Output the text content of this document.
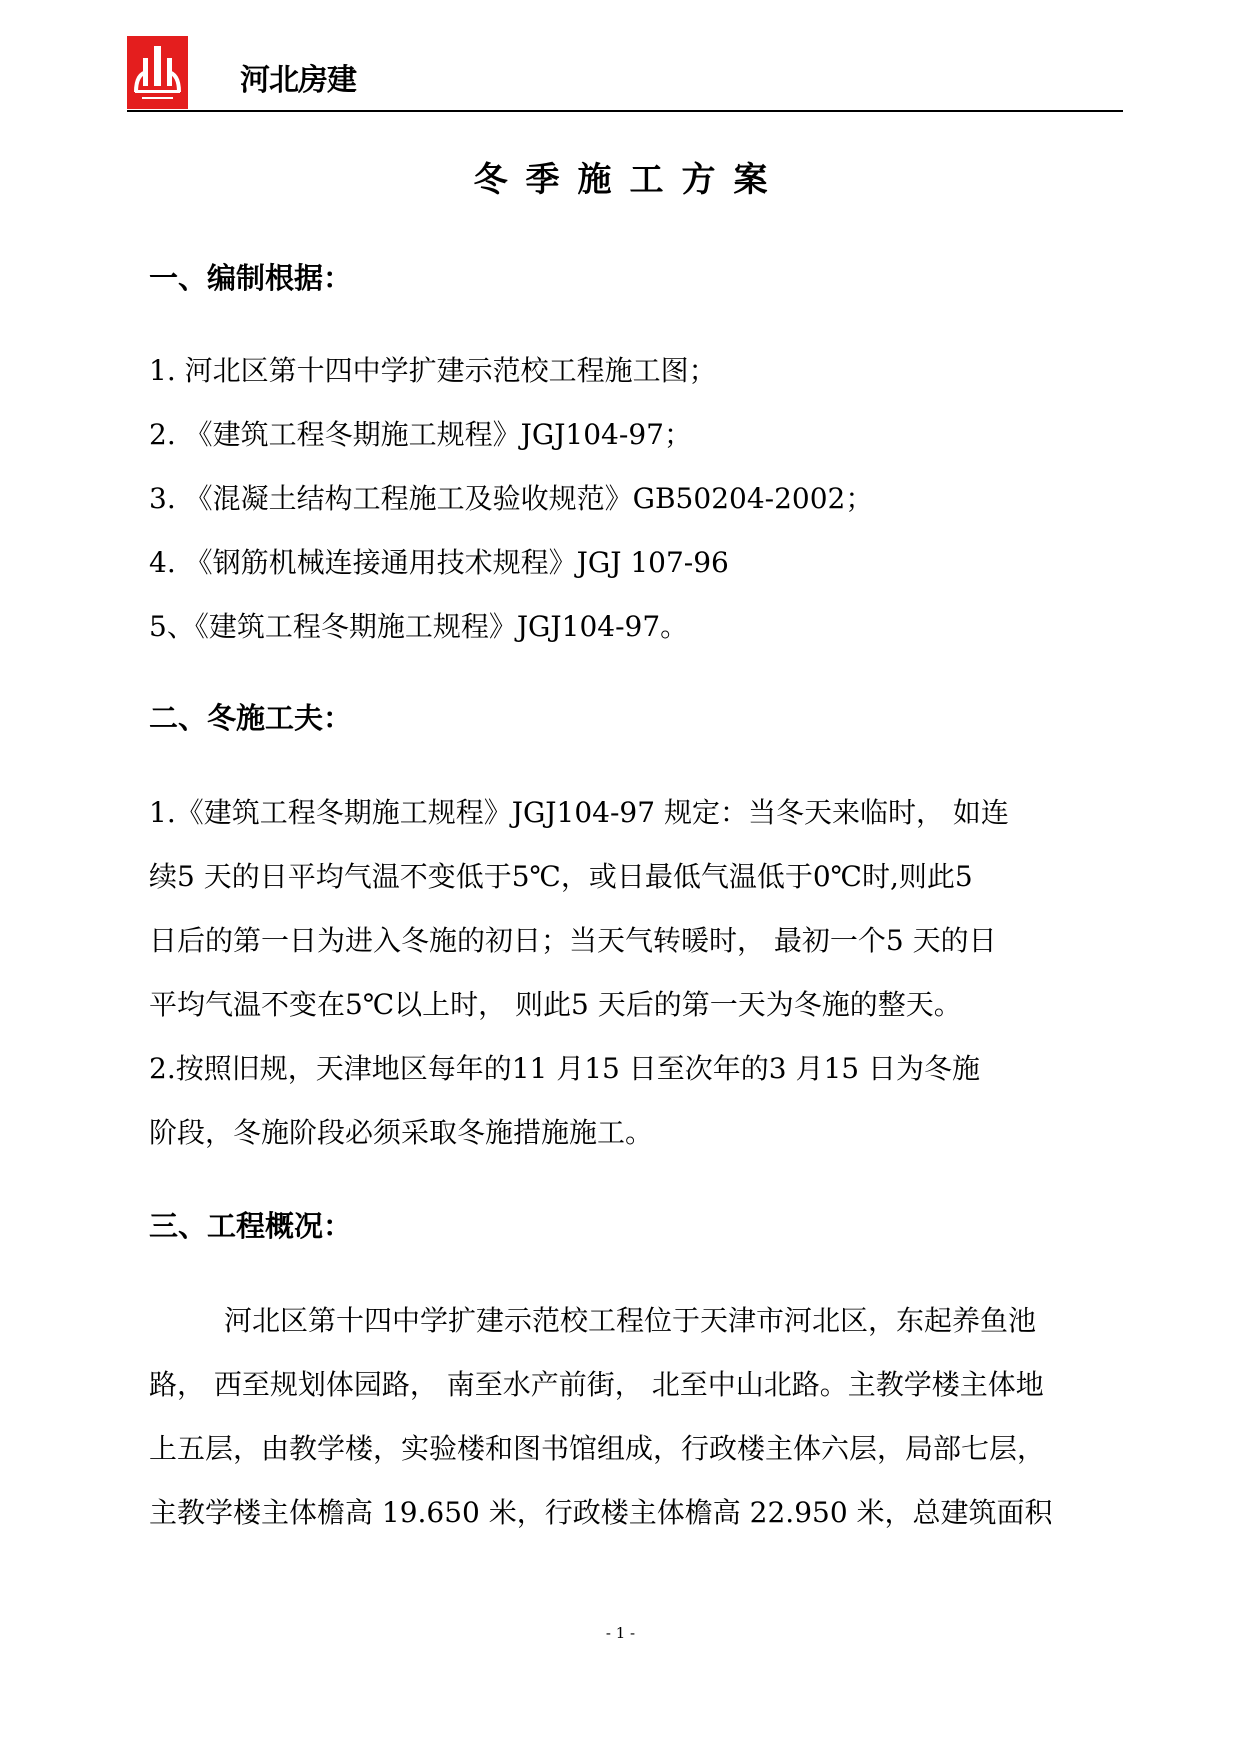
河北房建
冬季施工方案
一、编制根据：
1. 河北区第十四中学扩建示范校工程施工图；
2. 《建筑工程冬期施工规程》JGJ104-97；
3. 《混凝土结构工程施工及验收规范》GB50204-2002；
4. 《钢筋机械连接通用技术规程》JGJ 107-96
5、《建筑工程冬期施工规程》JGJ104-97。
二、冬施工夫：
1.《建筑工程冬期施工规程》JGJ104-97 规定：当冬天来临时， 如连
续5 天的日平均气温不变低于5℃，或日最低气温低于0℃时,则此5
日后的第一日为进入冬施的初日；当天气转暖时， 最初一个5 天的日
平均气温不变在5℃以上时， 则此5 天后的第一天为冬施的整天。
2.按照旧规，天津地区每年的11 月15 日至次年的3 月15 日为冬施
阶段，冬施阶段必须采取冬施措施施工。
三、工程概况：
河北区第十四中学扩建示范校工程位于天津市河北区，东起养鱼池
路， 西至规划体园路， 南至水产前街， 北至中山北路。主教学楼主体地
上五层，由教学楼，实验楼和图书馆组成，行政楼主体六层，局部七层，
主教学楼主体檐高 19.650 米，行政楼主体檐高 22.950 米，总建筑面积
- 1 -
